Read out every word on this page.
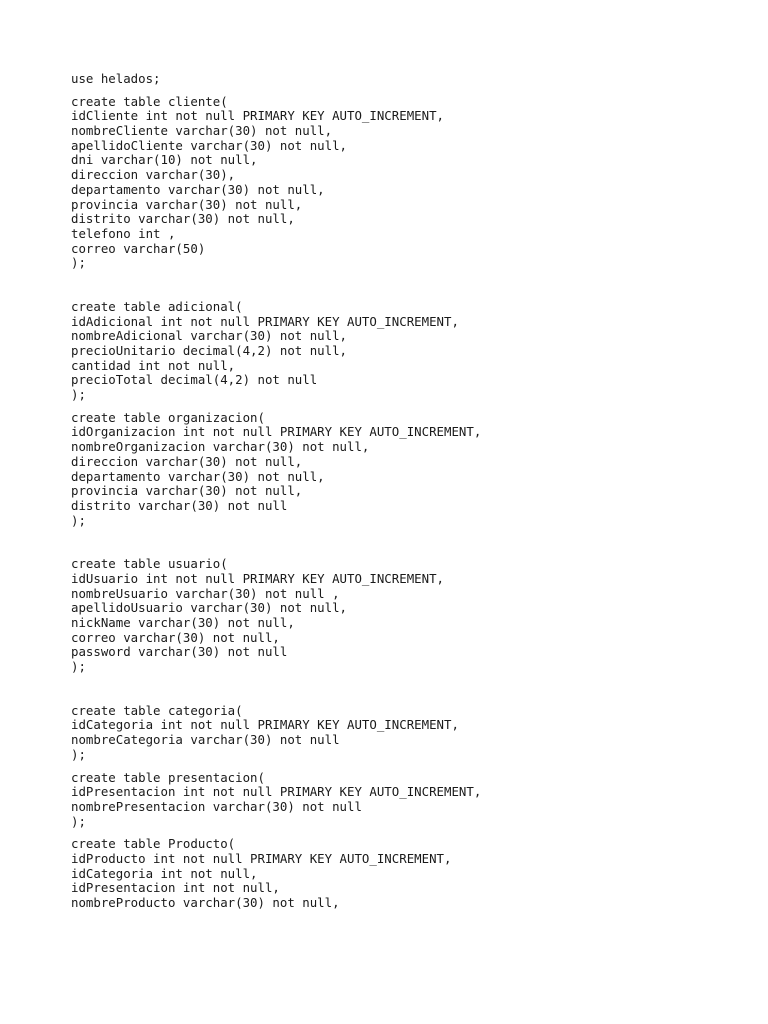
use helados;
create table cliente(
idCliente int not null PRIMARY KEY AUTO_INCREMENT,
nombreCliente varchar(30) not null,
apellidoCliente varchar(30) not null,
dni varchar(10) not null,
direccion varchar(30),
departamento varchar(30) not null,
provincia varchar(30) not null,
distrito varchar(30) not null,
telefono int ,
correo varchar(50)
);
create table adicional(
idAdicional int not null PRIMARY KEY AUTO_INCREMENT,
nombreAdicional varchar(30) not null,
precioUnitario decimal(4,2) not null,
cantidad int not null,
precioTotal decimal(4,2) not null
);
create table organizacion(
idOrganizacion int not null PRIMARY KEY AUTO_INCREMENT,
nombreOrganizacion varchar(30) not null,
direccion varchar(30) not null,
departamento varchar(30) not null,
provincia varchar(30) not null,
distrito varchar(30) not null
);
create table usuario(
idUsuario int not null PRIMARY KEY AUTO_INCREMENT,
nombreUsuario varchar(30) not null ,
apellidoUsuario varchar(30) not null,
nickName varchar(30) not null,
correo varchar(30) not null,
password varchar(30) not null
);
create table categoria(
idCategoria int not null PRIMARY KEY AUTO_INCREMENT,
nombreCategoria varchar(30) not null
);
create table presentacion(
idPresentacion int not null PRIMARY KEY AUTO_INCREMENT,
nombrePresentacion varchar(30) not null
);
create table Producto(
idProducto int not null PRIMARY KEY AUTO_INCREMENT,
idCategoria int not null,
idPresentacion int not null,
nombreProducto varchar(30) not null,
